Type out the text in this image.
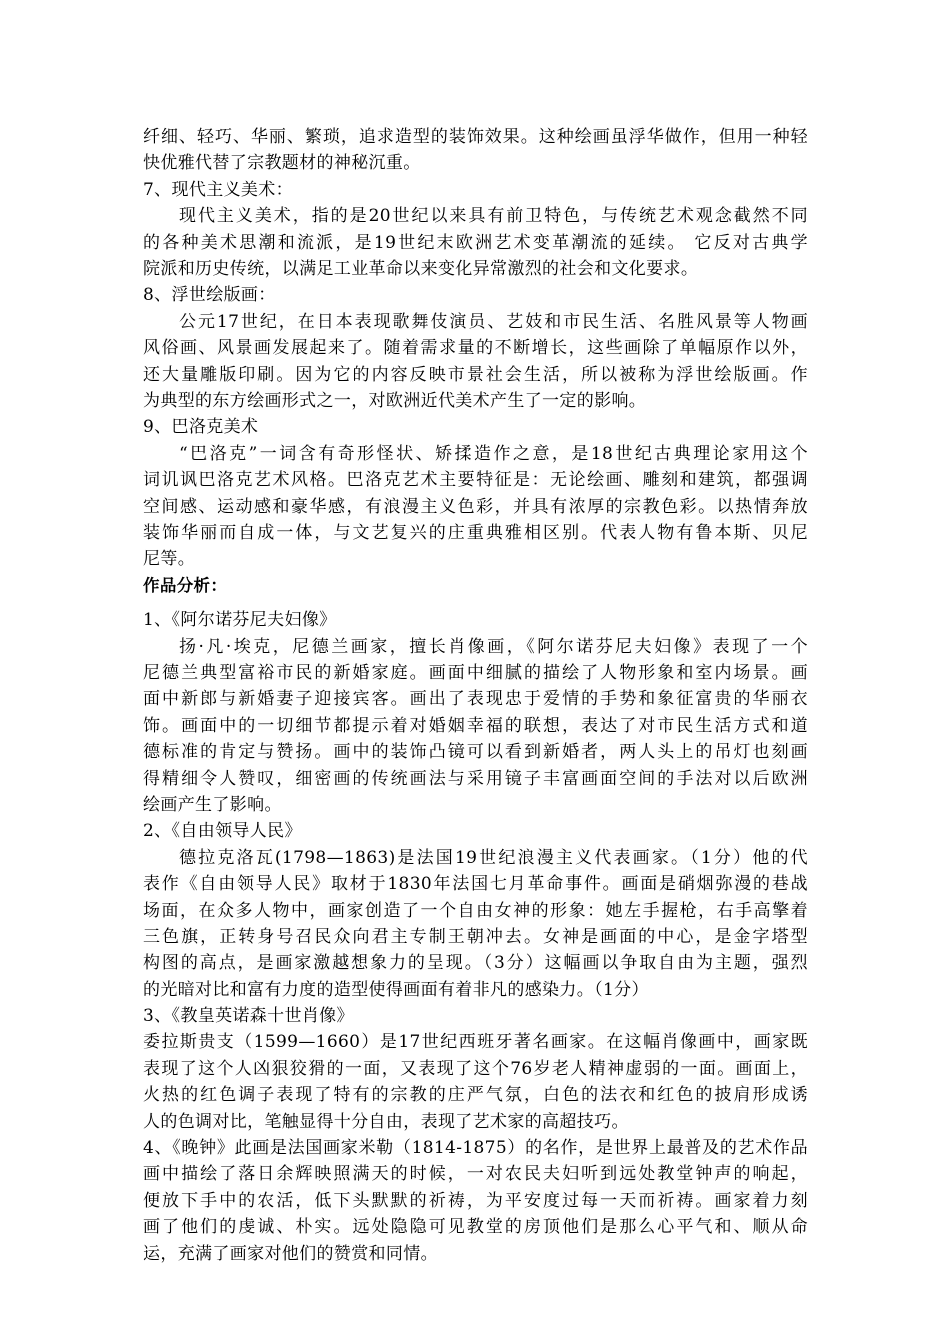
纤细、轻巧、华丽、繁琐，追求造型的装饰效果。这种绘画虽浮华做作，但用一种轻

快优雅代替了宗教题材的神秘沉重。

7、现代主义美术：

现代主义美术，指的是20世纪以来具有前卫特色，与传统艺术观念截然不同

的各种美术思潮和流派，是19世纪末欧洲艺术变革潮流的延续。 它反对古典学

院派和历史传统，以满足工业革命以来变化异常激烈的社会和文化要求。

8、浮世绘版画：

公元17世纪，在日本表现歌舞伎演员、艺妓和市民生活、名胜风景等人物画

风俗画、风景画发展起来了。随着需求量的不断增长，这些画除了单幅原作以外，

还大量雕版印刷。因为它的内容反映市景社会生活，所以被称为浮世绘版画。作

为典型的东方绘画形式之一，对欧洲近代美术产生了一定的影响。

9、巴洛克美术

“巴洛克”一词含有奇形怪状、矫揉造作之意，是18世纪古典理论家用这个

词讥讽巴洛克艺术风格。巴洛克艺术主要特征是：无论绘画、雕刻和建筑，都强调

空间感、运动感和豪华感，有浪漫主义色彩，并具有浓厚的宗教色彩。以热情奔放

装饰华丽而自成一体，与文艺复兴的庄重典雅相区别。代表人物有鲁本斯、贝尼

尼等。

作品分析：

1、《阿尔诺芬尼夫妇像》

扬·凡·埃克，尼德兰画家，擅长肖像画，《阿尔诺芬尼夫妇像》表现了一个

尼德兰典型富裕市民的新婚家庭。画面中细腻的描绘了人物形象和室内场景。画

面中新郎与新婚妻子迎接宾客。画出了表现忠于爱情的手势和象征富贵的华丽衣

饰。画面中的一切细节都提示着对婚姻幸福的联想，表达了对市民生活方式和道

德标准的肯定与赞扬。画中的装饰凸镜可以看到新婚者，两人头上的吊灯也刻画

得精细令人赞叹，细密画的传统画法与采用镜子丰富画面空间的手法对以后欧洲

绘画产生了影响。

2、《自由领导人民》

德拉克洛瓦(1798—1863)是法国19世纪浪漫主义代表画家。（1分）他的代

表作《自由领导人民》取材于1830年法国七月革命事件。画面是硝烟弥漫的巷战

场面，在众多人物中，画家创造了一个自由女神的形象：她左手握枪，右手高擎着

三色旗，正转身号召民众向君主专制王朝冲去。女神是画面的中心，是金字塔型

构图的高点，是画家激越想象力的呈现。（3分）这幅画以争取自由为主题，强烈

的光暗对比和富有力度的造型使得画面有着非凡的感染力。（1分）

3、《教皇英诺森十世肖像》

委拉斯贵支（1599—1660）是17世纪西班牙著名画家。在这幅肖像画中，画家既

表现了这个人凶狠狡猾的一面，又表现了这个76岁老人精神虚弱的一面。画面上，

火热的红色调子表现了特有的宗教的庄严气氛，白色的法衣和红色的披肩形成诱

人的色调对比，笔触显得十分自由，表现了艺术家的高超技巧。

4、《晚钟》此画是法国画家米勒（1814-1875）的名作，是世界上最普及的艺术作品

画中描绘了落日余辉映照满天的时候，一对农民夫妇听到远处教堂钟声的响起，

便放下手中的农活，低下头默默的祈祷，为平安度过每一天而祈祷。画家着力刻

画了他们的虔诚、朴实。远处隐隐可见教堂的房顶他们是那么心平气和、顺从命

运，充满了画家对他们的赞赏和同情。
